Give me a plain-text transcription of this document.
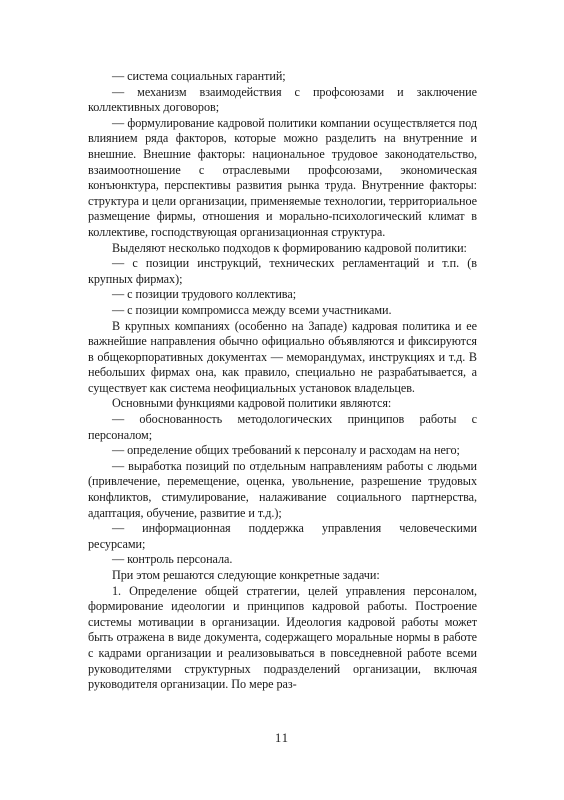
— система социальных гарантий;

— механизм взаимодействия с профсоюзами и заключение коллективных договоров;

— формулирование кадровой политики компании осуществляется под влиянием ряда факторов, которые можно разделить на внутренние и внешние. Внешние факторы: национальное трудовое законодательство, взаимоотношение с отраслевыми профсоюзами, экономическая конъюнктура, перспективы развития рынка труда. Внутренние факторы: структура и цели организации, применяемые технологии, территориальное размещение фирмы, отношения и морально-психологический климат в коллективе, господствующая организационная структура.

Выделяют несколько подходов к формированию кадровой политики:

— с позиции инструкций, технических регламентаций и т.п. (в крупных фирмах);

— с позиции трудового коллектива;

— с позиции компромисса между всеми участниками.

В крупных компаниях (особенно на Западе) кадровая политика и ее важнейшие направления обычно официально объявляются и фиксируются в общекорпоративных документах — меморандумах, инструкциях и т.д. В небольших фирмах она, как правило, специально не разрабатывается, а существует как система неофициальных установок владельцев.

Основными функциями кадровой политики являются:

— обоснованность методологических принципов работы с персоналом;

— определение общих требований к персоналу и расходам на него;

— выработка позиций по отдельным направлениям работы с людьми (привлечение, перемещение, оценка, увольнение, разрешение трудовых конфликтов, стимулирование, налаживание социального партнерства, адаптация, обучение, развитие и т.д.);

— информационная поддержка управления человеческими ресурсами;

— контроль персонала.

При этом решаются следующие конкретные задачи:

1. Определение общей стратегии, целей управления персоналом, формирование идеологии и принципов кадровой работы. Построение системы мотивации в организации. Идеология кадровой работы может быть отражена в виде документа, содержащего моральные нормы в работе с кадрами организации и реализовываться в повседневной работе всеми руководителями структурных подразделений организации, включая руководителя организации. По мере раз-

11
